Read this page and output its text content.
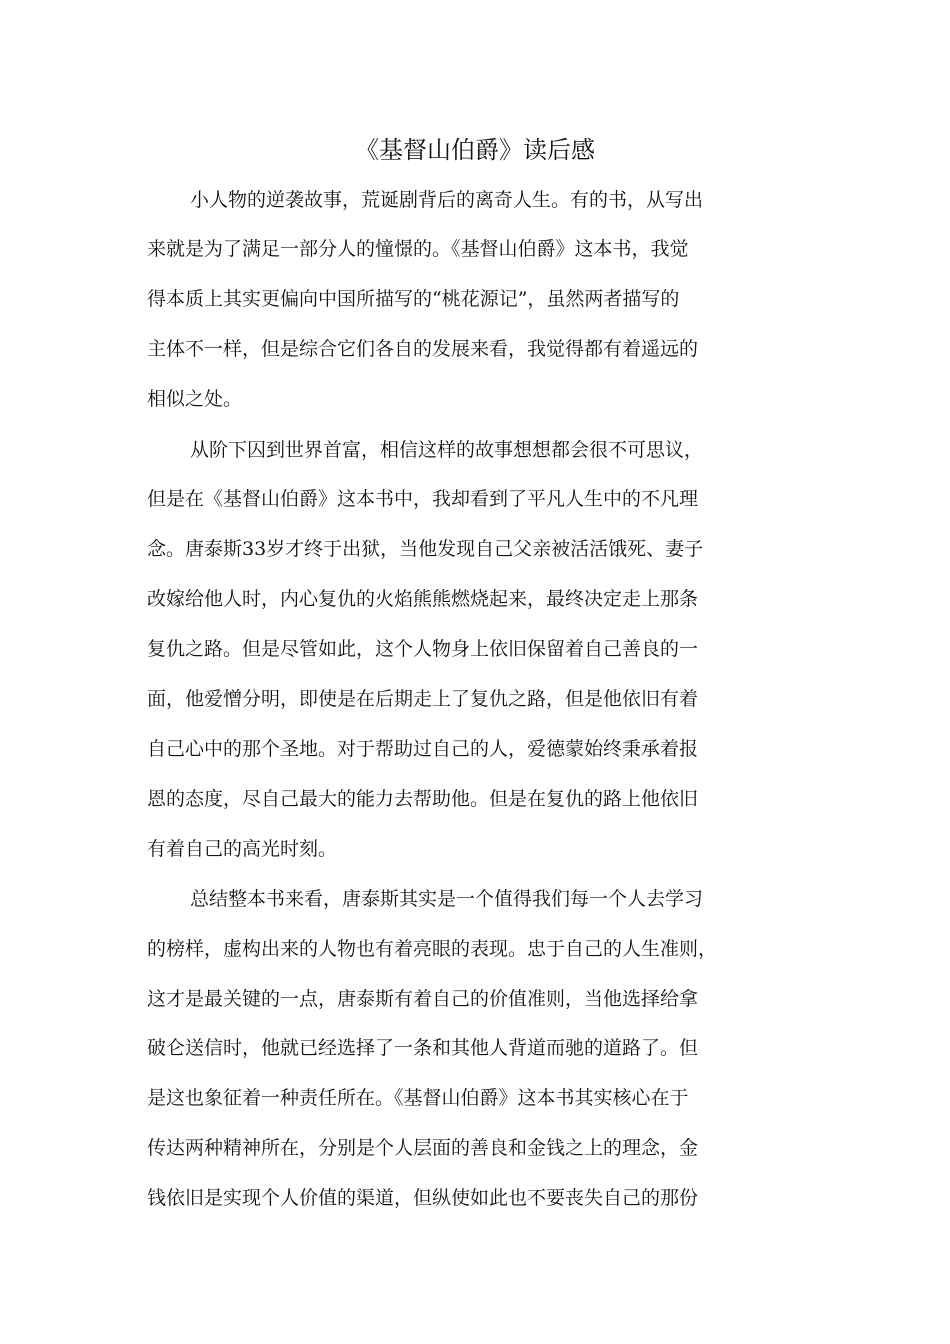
《基督山伯爵》读后感
小人物的逆袭故事，荒诞剧背后的离奇人生。有的书，从写出
来就是为了满足一部分人的憧憬的。《基督山伯爵》这本书，我觉
得本质上其实更偏向中国所描写的“桃花源记”，虽然两者描写的
主体不一样，但是综合它们各自的发展来看，我觉得都有着遥远的
相似之处。
从阶下囚到世界首富，相信这样的故事想想都会很不可思议，
但是在《基督山伯爵》这本书中，我却看到了平凡人生中的不凡理
念。唐泰斯33岁才终于出狱，当他发现自己父亲被活活饿死、妻子
改嫁给他人时，内心复仇的火焰熊熊燃烧起来，最终决定走上那条
复仇之路。但是尽管如此，这个人物身上依旧保留着自己善良的一
面，他爱憎分明，即使是在后期走上了复仇之路，但是他依旧有着
自己心中的那个圣地。对于帮助过自己的人，爱德蒙始终秉承着报
恩的态度，尽自己最大的能力去帮助他。但是在复仇的路上他依旧
有着自己的高光时刻。
总结整本书来看，唐泰斯其实是一个值得我们每一个人去学习
的榜样，虚构出来的人物也有着亮眼的表现。忠于自己的人生准则，
这才是最关键的一点，唐泰斯有着自己的价值准则，当他选择给拿
破仑送信时，他就已经选择了一条和其他人背道而驰的道路了。但
是这也象征着一种责任所在。《基督山伯爵》这本书其实核心在于
传达两种精神所在，分别是个人层面的善良和金钱之上的理念，金
钱依旧是实现个人价值的渠道，但纵使如此也不要丧失自己的那份
